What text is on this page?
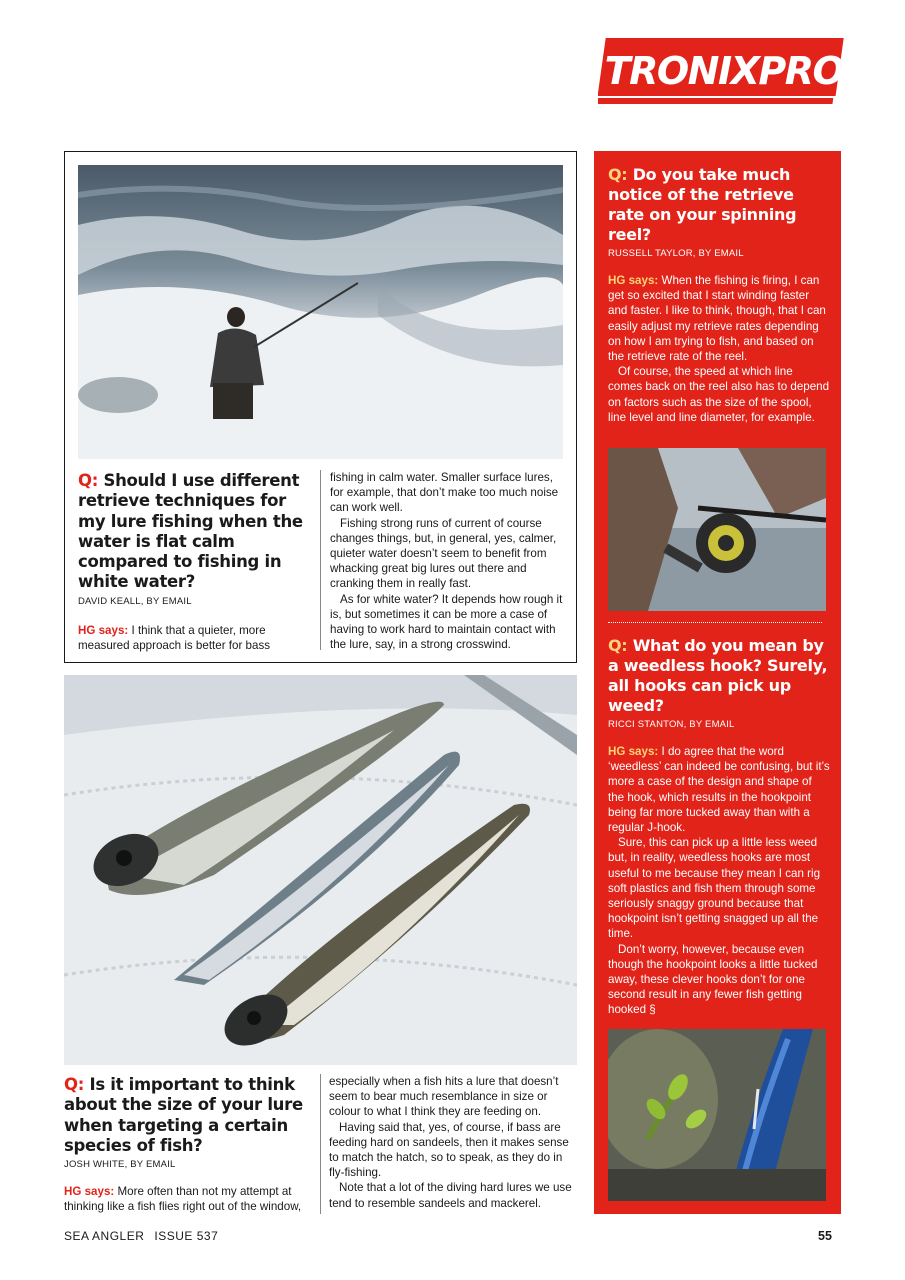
TRONIXPRO
Q: Should I use different retrieve techniques for my lure fishing when the water is flat calm compared to fishing in white water?
DAVID KEALL, BY EMAIL

HG says: I think that a quieter, more measured approach is better for bass

fishing in calm water. Smaller surface lures, for example, that don’t make too much noise can work well.

Fishing strong runs of current of course changes things, but, in general, yes, calmer, quieter water doesn’t seem to benefit from whacking great big lures out there and cranking them in really fast.

As for white water? It depends how rough it is, but sometimes it can be more a case of having to work hard to maintain contact with the lure, say, in a strong crosswind.

Q: Is it important to think about the size of your lure when targeting a certain species of fish?
JOSH WHITE, BY EMAIL

HG says: More often than not my attempt at thinking like a fish flies right out of the window,

especially when a fish hits a lure that doesn’t seem to bear much resemblance in size or colour to what I think they are feeding on.

Having said that, yes, of course, if bass are feeding hard on sandeels, then it makes sense to match the hatch, so to speak, as they do in fly-fishing.

Note that a lot of the diving hard lures we use tend to resemble sandeels and mackerel.

Q: Do you take much notice of the retrieve rate on your spinning reel?
RUSSELL TAYLOR, BY EMAIL

HG says: When the fishing is firing, I can get so excited that I start winding faster and faster. I like to think, though, that I can easily adjust my retrieve rates depending on how I am trying to fish, and based on the retrieve rate of the reel.

Of course, the speed at which line comes back on the reel also has to depend on factors such as the size of the spool, line level and line diameter, for example.

Q: What do you mean by a weedless hook? Surely, all hooks can pick up weed?
RICCI STANTON, BY EMAIL

HG says: I do agree that the word ‘weedless’ can indeed be confusing, but it’s more a case of the design and shape of the hook, which results in the hookpoint being far more tucked away than with a regular J-hook.

Sure, this can pick up a little less weed but, in reality, weedless hooks are most useful to me because they mean I can rig soft plastics and fish them through some seriously snaggy ground because that hookpoint isn’t getting snagged up all the time.

Don’t worry, however, because even though the hookpoint looks a little tucked away, these clever hooks don’t for one second result in any fewer fish getting hooked §

SEA ANGLER ISSUE 537	55
